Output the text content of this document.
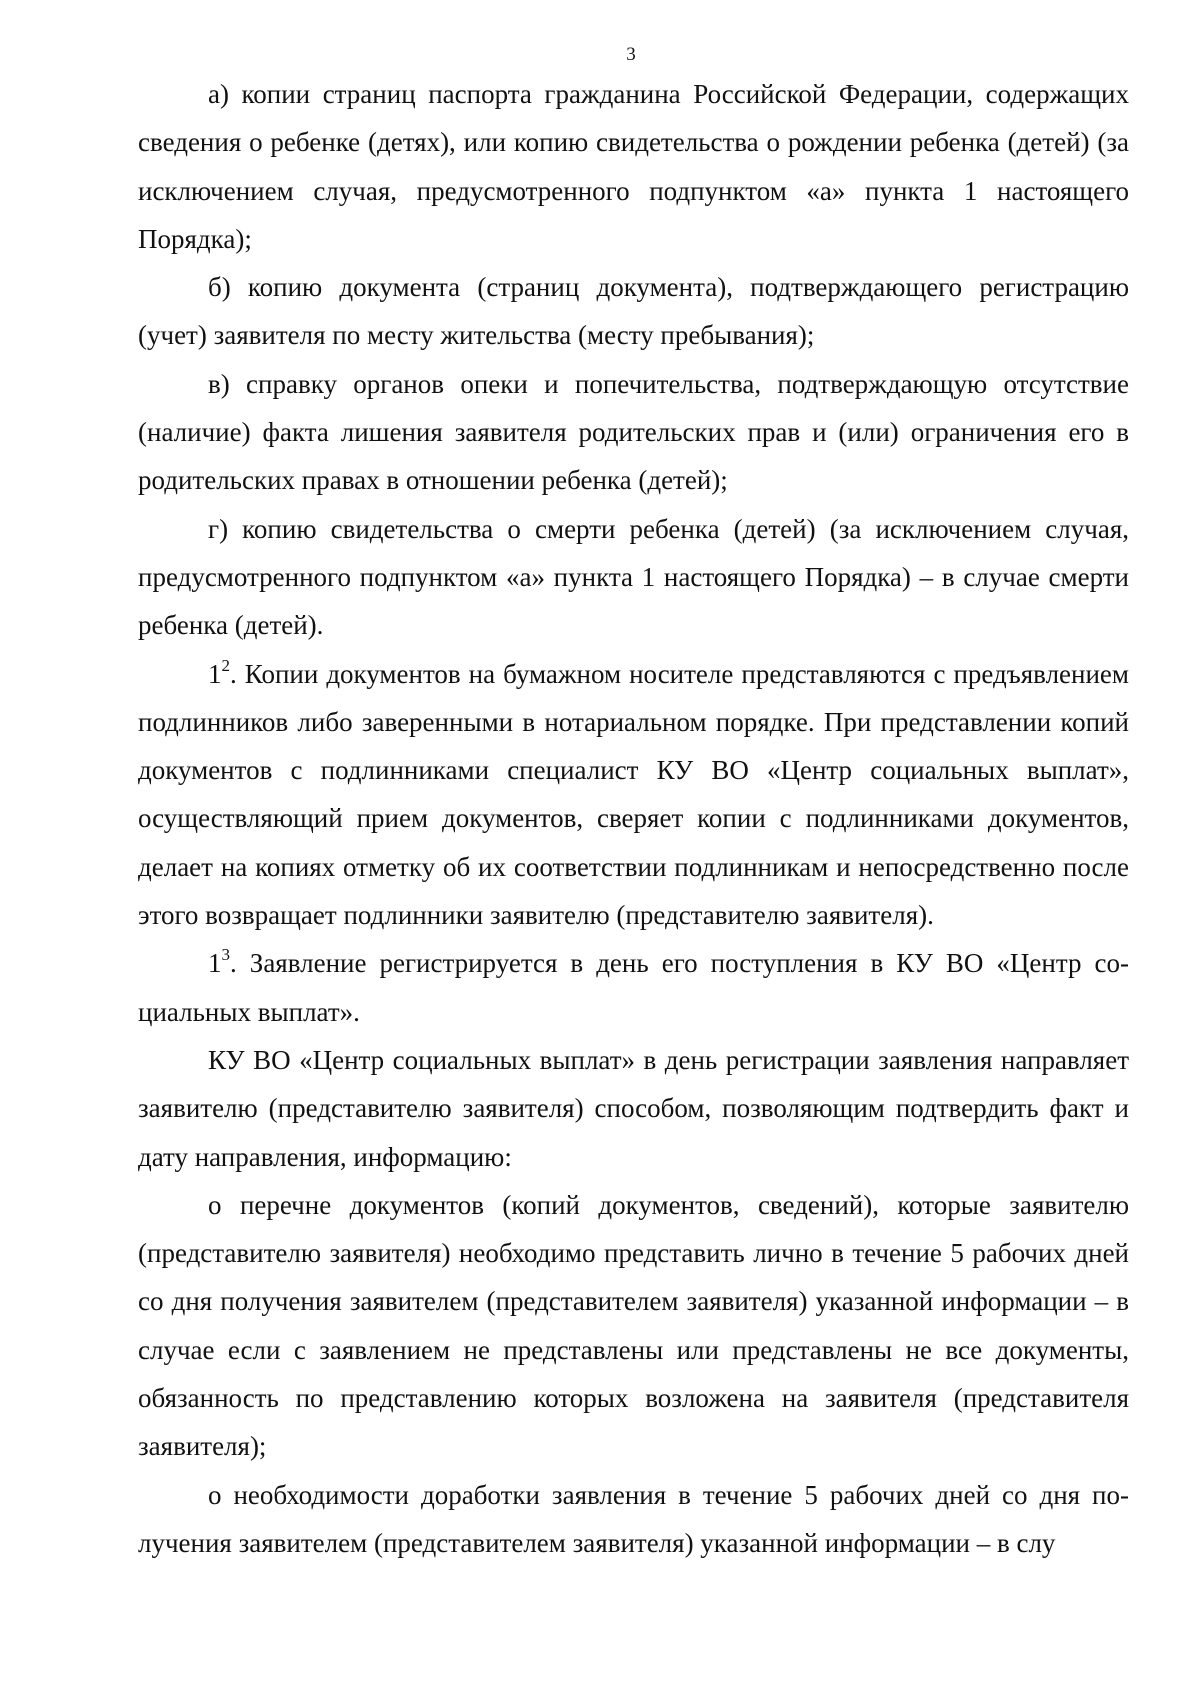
3

а) копии страниц паспорта гражданина Российской Федерации, содержащих сведения о ребенке (детях), или копию свидетельства о рождении ребенка (детей) (за исключением случая, предусмотренного подпунктом «а» пункта 1 настоящего Порядка);

б) копию документа (страниц документа), подтверждающего регистрацию (учет) заявителя по месту жительства (месту пребывания);

в) справку органов опеки и попечительства, подтверждающую отсутствие (наличие) факта лишения заявителя родительских прав и (или) ограничения его в родительских правах в отношении ребенка (детей);

г) копию свидетельства о смерти ребенка (детей) (за исключением случая, предусмотренного подпунктом «а» пункта 1 настоящего Порядка) – в случае смерти ребенка (детей).

$1^2$. Копии документов на бумажном носителе представляются с предъявлением подлинников либо заверенными в нотариальном порядке. При представлении копий документов с подлинниками специалист КУ ВО «Центр социальных выплат», осуществляющий прием документов, сверяет копии с подлинниками документов, делает на копиях отметку об их соответствии подлинникам и непосредственно после этого возвращает подлинники заявителю (представителю заявителя).

$1^3$. Заявление регистрируется в день его поступления в КУ ВО «Центр социальных выплат».

КУ ВО «Центр социальных выплат» в день регистрации заявления направляет заявителю (представителю заявителя) способом, позволяющим подтвердить факт и дату направления, информацию:

о перечне документов (копий документов, сведений), которые заявителю (представителю заявителя) необходимо представить лично в течение 5 рабочих дней со дня получения заявителем (представителем заявителя) указанной информации – в случае если с заявлением не представлены или представлены не все документы, обязанность по представлению которых возложена на заявителя (представителя заявителя);

о необходимости доработки заявления в течение 5 рабочих дней со дня получения заявителем (представителем заявителя) указанной информации – в слу
